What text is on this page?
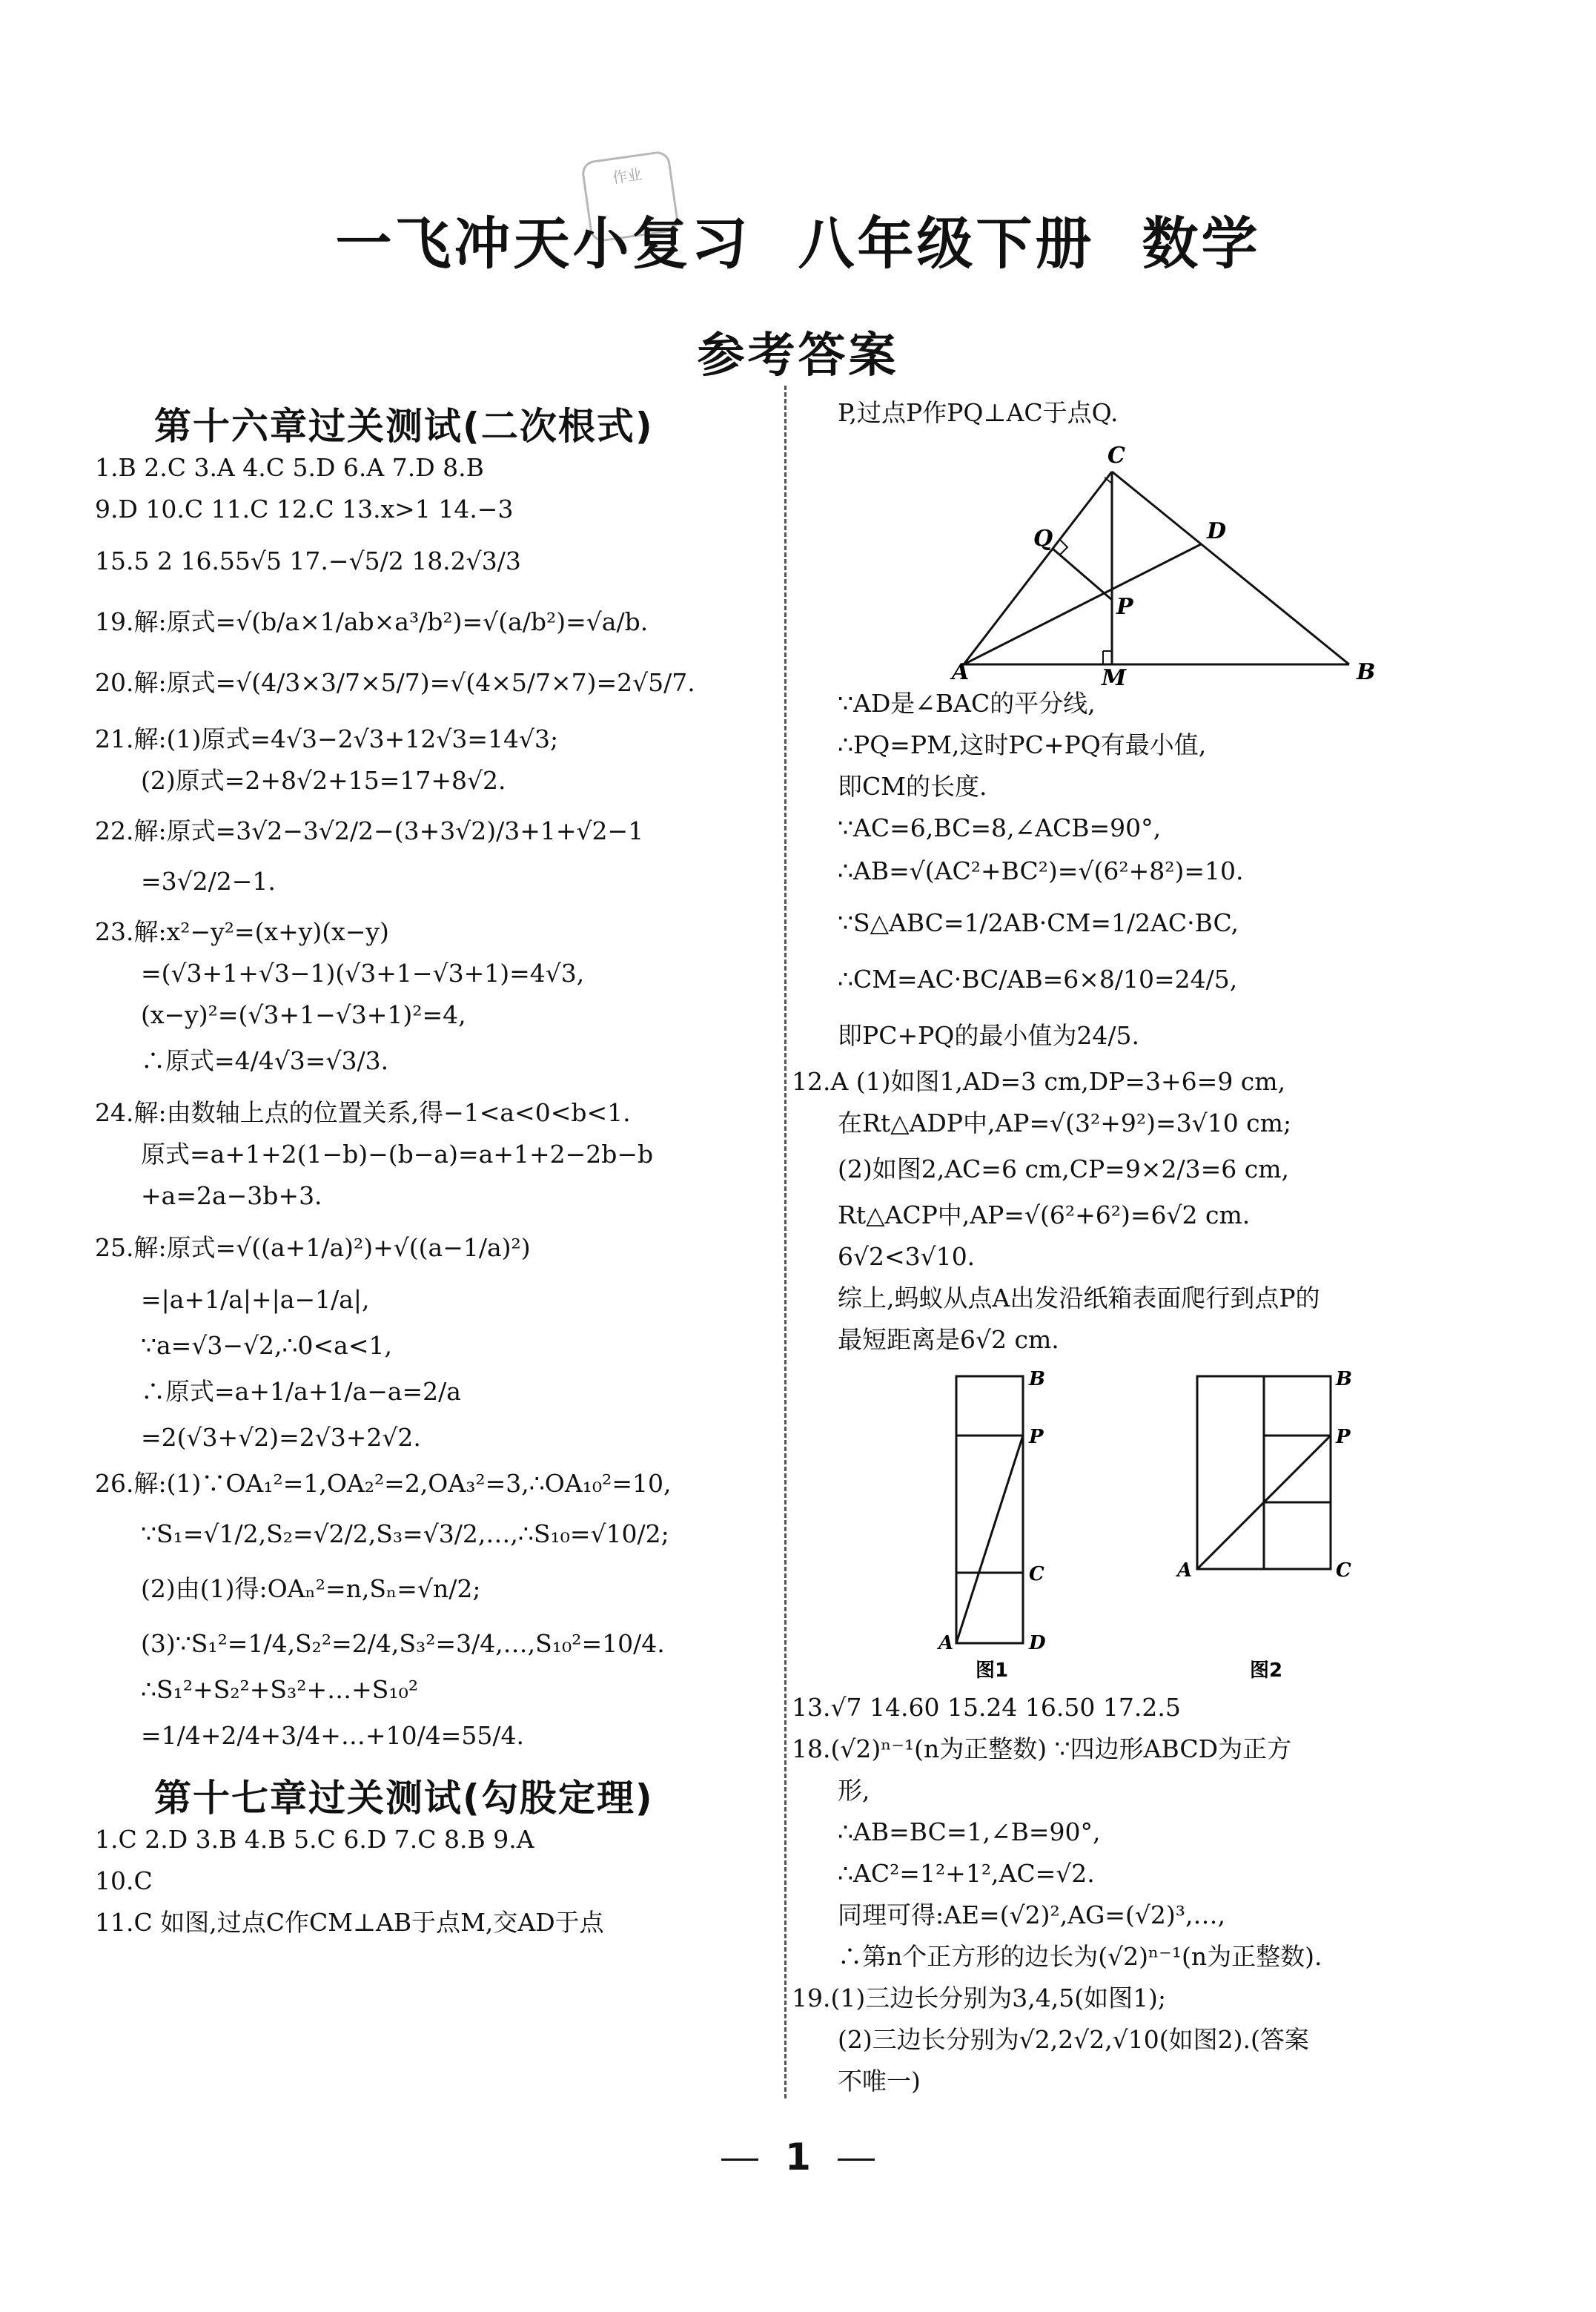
作业
一飞冲天小复习 八年级下册 数学
参考答案
第十六章过关测试(二次根式)
1.B 2.C 3.A 4.C 5.D 6.A 7.D 8.B
9.D 10.C 11.C 12.C 13.x>1 14.−3
15.5 2 16.55√5 17.−√5/2 18.2√3/3
19.解:原式=√(b/a×1/ab×a³/b²)=√(a/b²)=√a/b.
20.解:原式=√(4/3×3/7×5/7)=√(4×5/7×7)=2√5/7.
21.解:(1)原式=4√3−2√3+12√3=14√3;
(2)原式=2+8√2+15=17+8√2.
22.解:原式=3√2−3√2/2−(3+3√2)/3+1+√2−1
=3√2/2−1.
23.解:x²−y²=(x+y)(x−y)
=(√3+1+√3−1)(√3+1−√3+1)=4√3,
(x−y)²=(√3+1−√3+1)²=4,
∴原式=4/4√3=√3/3.
24.解:由数轴上点的位置关系,得−1<a<0<b<1.
原式=a+1+2(1−b)−(b−a)=a+1+2−2b−b
+a=2a−3b+3.
25.解:原式=√((a+1/a)²)+√((a−1/a)²)
=|a+1/a|+|a−1/a|,
∵a=√3−√2,∴0<a<1,
∴原式=a+1/a+1/a−a=2/a
=2(√3+√2)=2√3+2√2.
26.解:(1)∵OA₁²=1,OA₂²=2,OA₃²=3,∴OA₁₀²=10,
∵S₁=√1/2,S₂=√2/2,S₃=√3/2,…,∴S₁₀=√10/2;
(2)由(1)得:OAₙ²=n,Sₙ=√n/2;
(3)∵S₁²=1/4,S₂²=2/4,S₃²=3/4,…,S₁₀²=10/4.
∴S₁²+S₂²+S₃²+…+S₁₀²
=1/4+2/4+3/4+…+10/4=55/4.
第十七章过关测试(勾股定理)
1.C 2.D 3.B 4.B 5.C 6.D 7.C 8.B 9.A
10.C
11.C 如图,过点C作CM⊥AB于点M,交AD于点
P,过点P作PQ⊥AC于点Q.
C
Q	D
P
A	M	B
∵AD是∠BAC的平分线,
∴PQ=PM,这时PC+PQ有最小值,
即CM的长度.
∵AC=6,BC=8,∠ACB=90°,
∴AB=√(AC²+BC²)=√(6²+8²)=10.
∵S△ABC=1/2AB·CM=1/2AC·BC,
∴CM=AC·BC/AB=6×8/10=24/5,
即PC+PQ的最小值为24/5.
12.A (1)如图1,AD=3 cm,DP=3+6=9 cm,
在Rt△ADP中,AP=√(3²+9²)=3√10 cm;
(2)如图2,AC=6 cm,CP=9×2/3=6 cm,
Rt△ACP中,AP=√(6²+6²)=6√2 cm.
6√2<3√10.
综上,蚂蚁从点A出发沿纸箱表面爬行到点P的
最短距离是6√2 cm.
B
P
C
A	D
图1
B
P
A	C
图2
13.√7 14.60 15.24 16.50 17.2.5
18.(√2)ⁿ⁻¹(n为正整数) ∵四边形ABCD为正方
形,
∴AB=BC=1,∠B=90°,
∴AC²=1²+1²,AC=√2.
同理可得:AE=(√2)²,AG=(√2)³,…,
∴第n个正方形的边长为(√2)ⁿ⁻¹(n为正整数).
19.(1)三边长分别为3,4,5(如图1);
(2)三边长分别为√2,2√2,√10(如图2).(答案
不唯一)
1
